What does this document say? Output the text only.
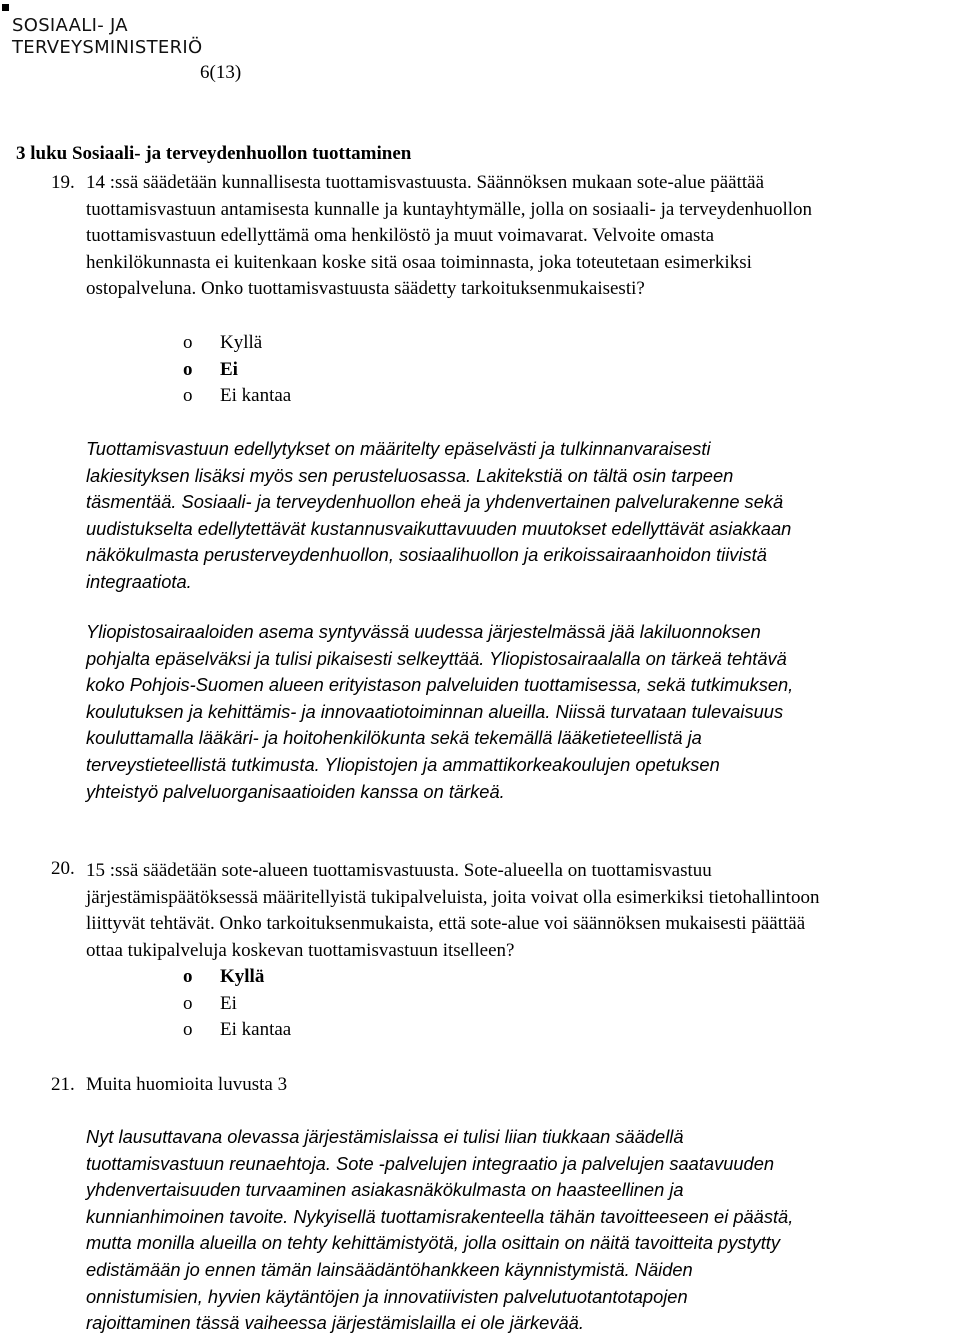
SOSIAALI- JA
TERVEYSMINISTERIÖ
6(13)
3 luku Sosiaali- ja terveydenhuollon tuottaminen
19. 14 :ssä säädetään kunnallisesta tuottamisvastuusta. Säännöksen mukaan sote-alue päättää
tuottamisvastuun antamisesta kunnalle ja kuntayhtymälle, jolla on sosiaali- ja terveydenhuollon
tuottamisvastuun edellyttämä oma henkilöstö ja muut voimavarat. Velvoite omasta
henkilökunnasta ei kuitenkaan koske sitä osaa toiminnasta, joka toteutetaan esimerkiksi
ostopalveluna. Onko tuottamisvastuusta säädetty tarkoituksenmukaisesti?
o Kyllä
o Ei
o Ei kantaa
Tuottamisvastuun edellytykset on määritelty epäselvästi ja tulkinnanvaraisesti
lakiesityksen lisäksi myös sen perusteluosassa. Lakitekstiä on tältä osin tarpeen
täsmentää. Sosiaali- ja terveydenhuollon eheä ja yhdenvertainen palvelurakenne sekä
uudistukselta edellytettävät kustannusvaikuttavuuden muutokset edellyttävät asiakkaan
näkökulmasta perusterveydenhuollon, sosiaalihuollon ja erikoissairaanhoidon tiivistä
integraatiota.
Yliopistosairaaloiden asema syntyvässä uudessa järjestelmässä jää lakiluonnoksen
pohjalta epäselväksi ja tulisi pikaisesti selkeyttää. Yliopistosairaalalla on tärkeä tehtävä
koko Pohjois-Suomen alueen erityistason palveluiden tuottamisessa, sekä tutkimuksen,
koulutuksen ja kehittämis- ja innovaatiotoiminnan alueilla. Niissä turvataan tulevaisuus
kouluttamalla lääkäri- ja hoitohenkilökunta sekä tekemällä lääketieteellistä ja
terveystieteellistä tutkimusta. Yliopistojen ja ammattikorkeakoulujen opetuksen
yhteistyö palveluorganisaatioiden kanssa on tärkeä.
20. 15 :ssä säädetään sote-alueen tuottamisvastuusta. Sote-alueella on tuottamisvastuu
järjestämispäätöksessä määritellyistä tukipalveluista, joita voivat olla esimerkiksi tietohallintoon
liittyvät tehtävät. Onko tarkoituksenmukaista, että sote-alue voi säännöksen mukaisesti päättää
ottaa tukipalveluja koskevan tuottamisvastuun itselleen?
o Kyllä
o Ei
o Ei kantaa
21. Muita huomioita luvusta 3
Nyt lausuttavana olevassa järjestämislaissa ei tulisi liian tiukkaan säädellä
tuottamisvastuun reunaehtoja. Sote -palvelujen integraatio ja palvelujen saatavuuden
yhdenvertaisuuden turvaaminen asiakasnäkökulmasta on haasteellinen ja
kunnianhimoinen tavoite. Nykyisellä tuottamisrakenteella tähän tavoitteeseen ei päästä,
mutta monilla alueilla on tehty kehittämistyötä, jolla osittain on näitä tavoitteita pystytty
edistämään jo ennen tämän lainsäädäntöhankkeen käynnistymistä. Näiden
onnistumisien, hyvien käytäntöjen ja innovatiivisten palvelutuotantotapojen
rajoittaminen tässä vaiheessa järjestämislailla ei ole järkevää.
